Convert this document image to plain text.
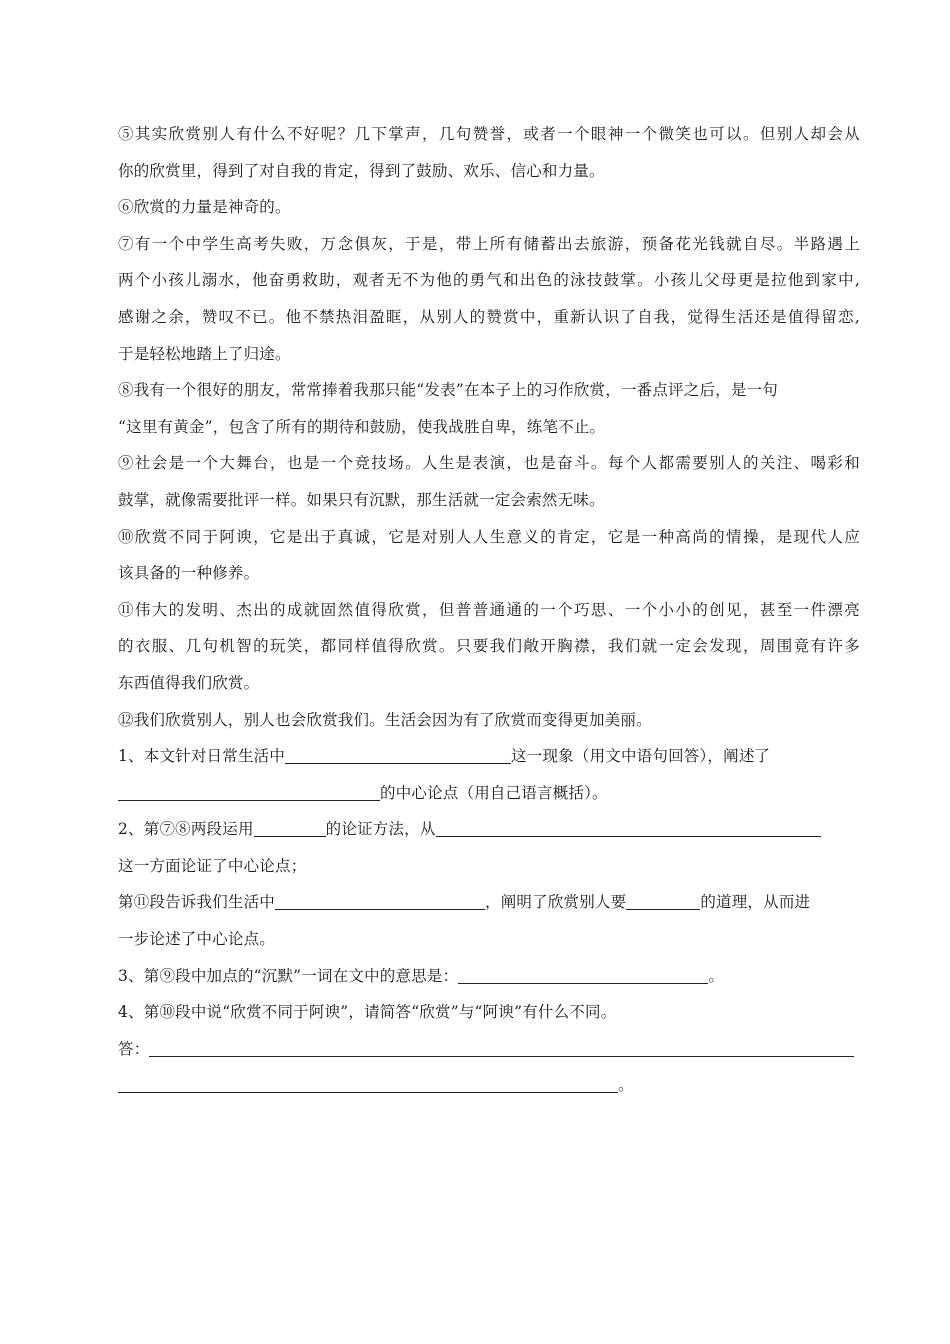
⑤其实欣赏别人有什么不好呢？几下掌声，几句赞誉，或者一个眼神一个微笑也可以。但别人却会从
你的欣赏里，得到了对自我的肯定，得到了鼓励、欢乐、信心和力量。
⑥欣赏的力量是神奇的。
⑦有一个中学生高考失败，万念俱灰，于是，带上所有储蓄出去旅游，预备花光钱就自尽。半路遇上
两个小孩儿溺水，他奋勇救助，观者无不为他的勇气和出色的泳技鼓掌。小孩儿父母更是拉他到家中,
感谢之余，赞叹不已。他不禁热泪盈眶，从别人的赞赏中，重新认识了自我，觉得生活还是值得留恋,
于是轻松地踏上了归途。
⑧我有一个很好的朋友，常常捧着我那只能“发表”在本子上的习作欣赏，一番点评之后，是一句
“这里有黄金”，包含了所有的期待和鼓励，使我战胜自卑，练笔不止。
⑨社会是一个大舞台，也是一个竞技场。人生是表演，也是奋斗。每个人都需要别人的关注、喝彩和
鼓掌，就像需要批评一样。如果只有沉默，那生活就一定会索然无味。
⑩欣赏不同于阿谀，它是出于真诚，它是对别人人生意义的肯定，它是一种高尚的情操，是现代人应
该具备的一种修养。
⑪伟大的发明、杰出的成就固然值得欣赏，但普普通通的一个巧思、一个小小的创见，甚至一件漂亮
的衣服、几句机智的玩笑，都同样值得欣赏。只要我们敞开胸襟，我们就一定会发现，周围竟有许多
东西值得我们欣赏。
⑫我们欣赏别人，别人也会欣赏我们。生活会因为有了欣赏而变得更加美丽。
1、本文针对日常生活中	这一现象（用文中语句回答），阐述了
的中心论点（用自己语言概括）。
2、第⑦⑧两段运用	的论证方法，从
这一方面论证了中心论点；
第⑪段告诉我们生活中	，阐明了欣赏别人要	的道理，从而进
一步论述了中心论点。
3、第⑨段中加点的“沉默”一词在文中的意思是：	。
4、第⑩段中说“欣赏不同于阿谀”，请简答“欣赏”与“阿谀”有什么不同。
答：
。
